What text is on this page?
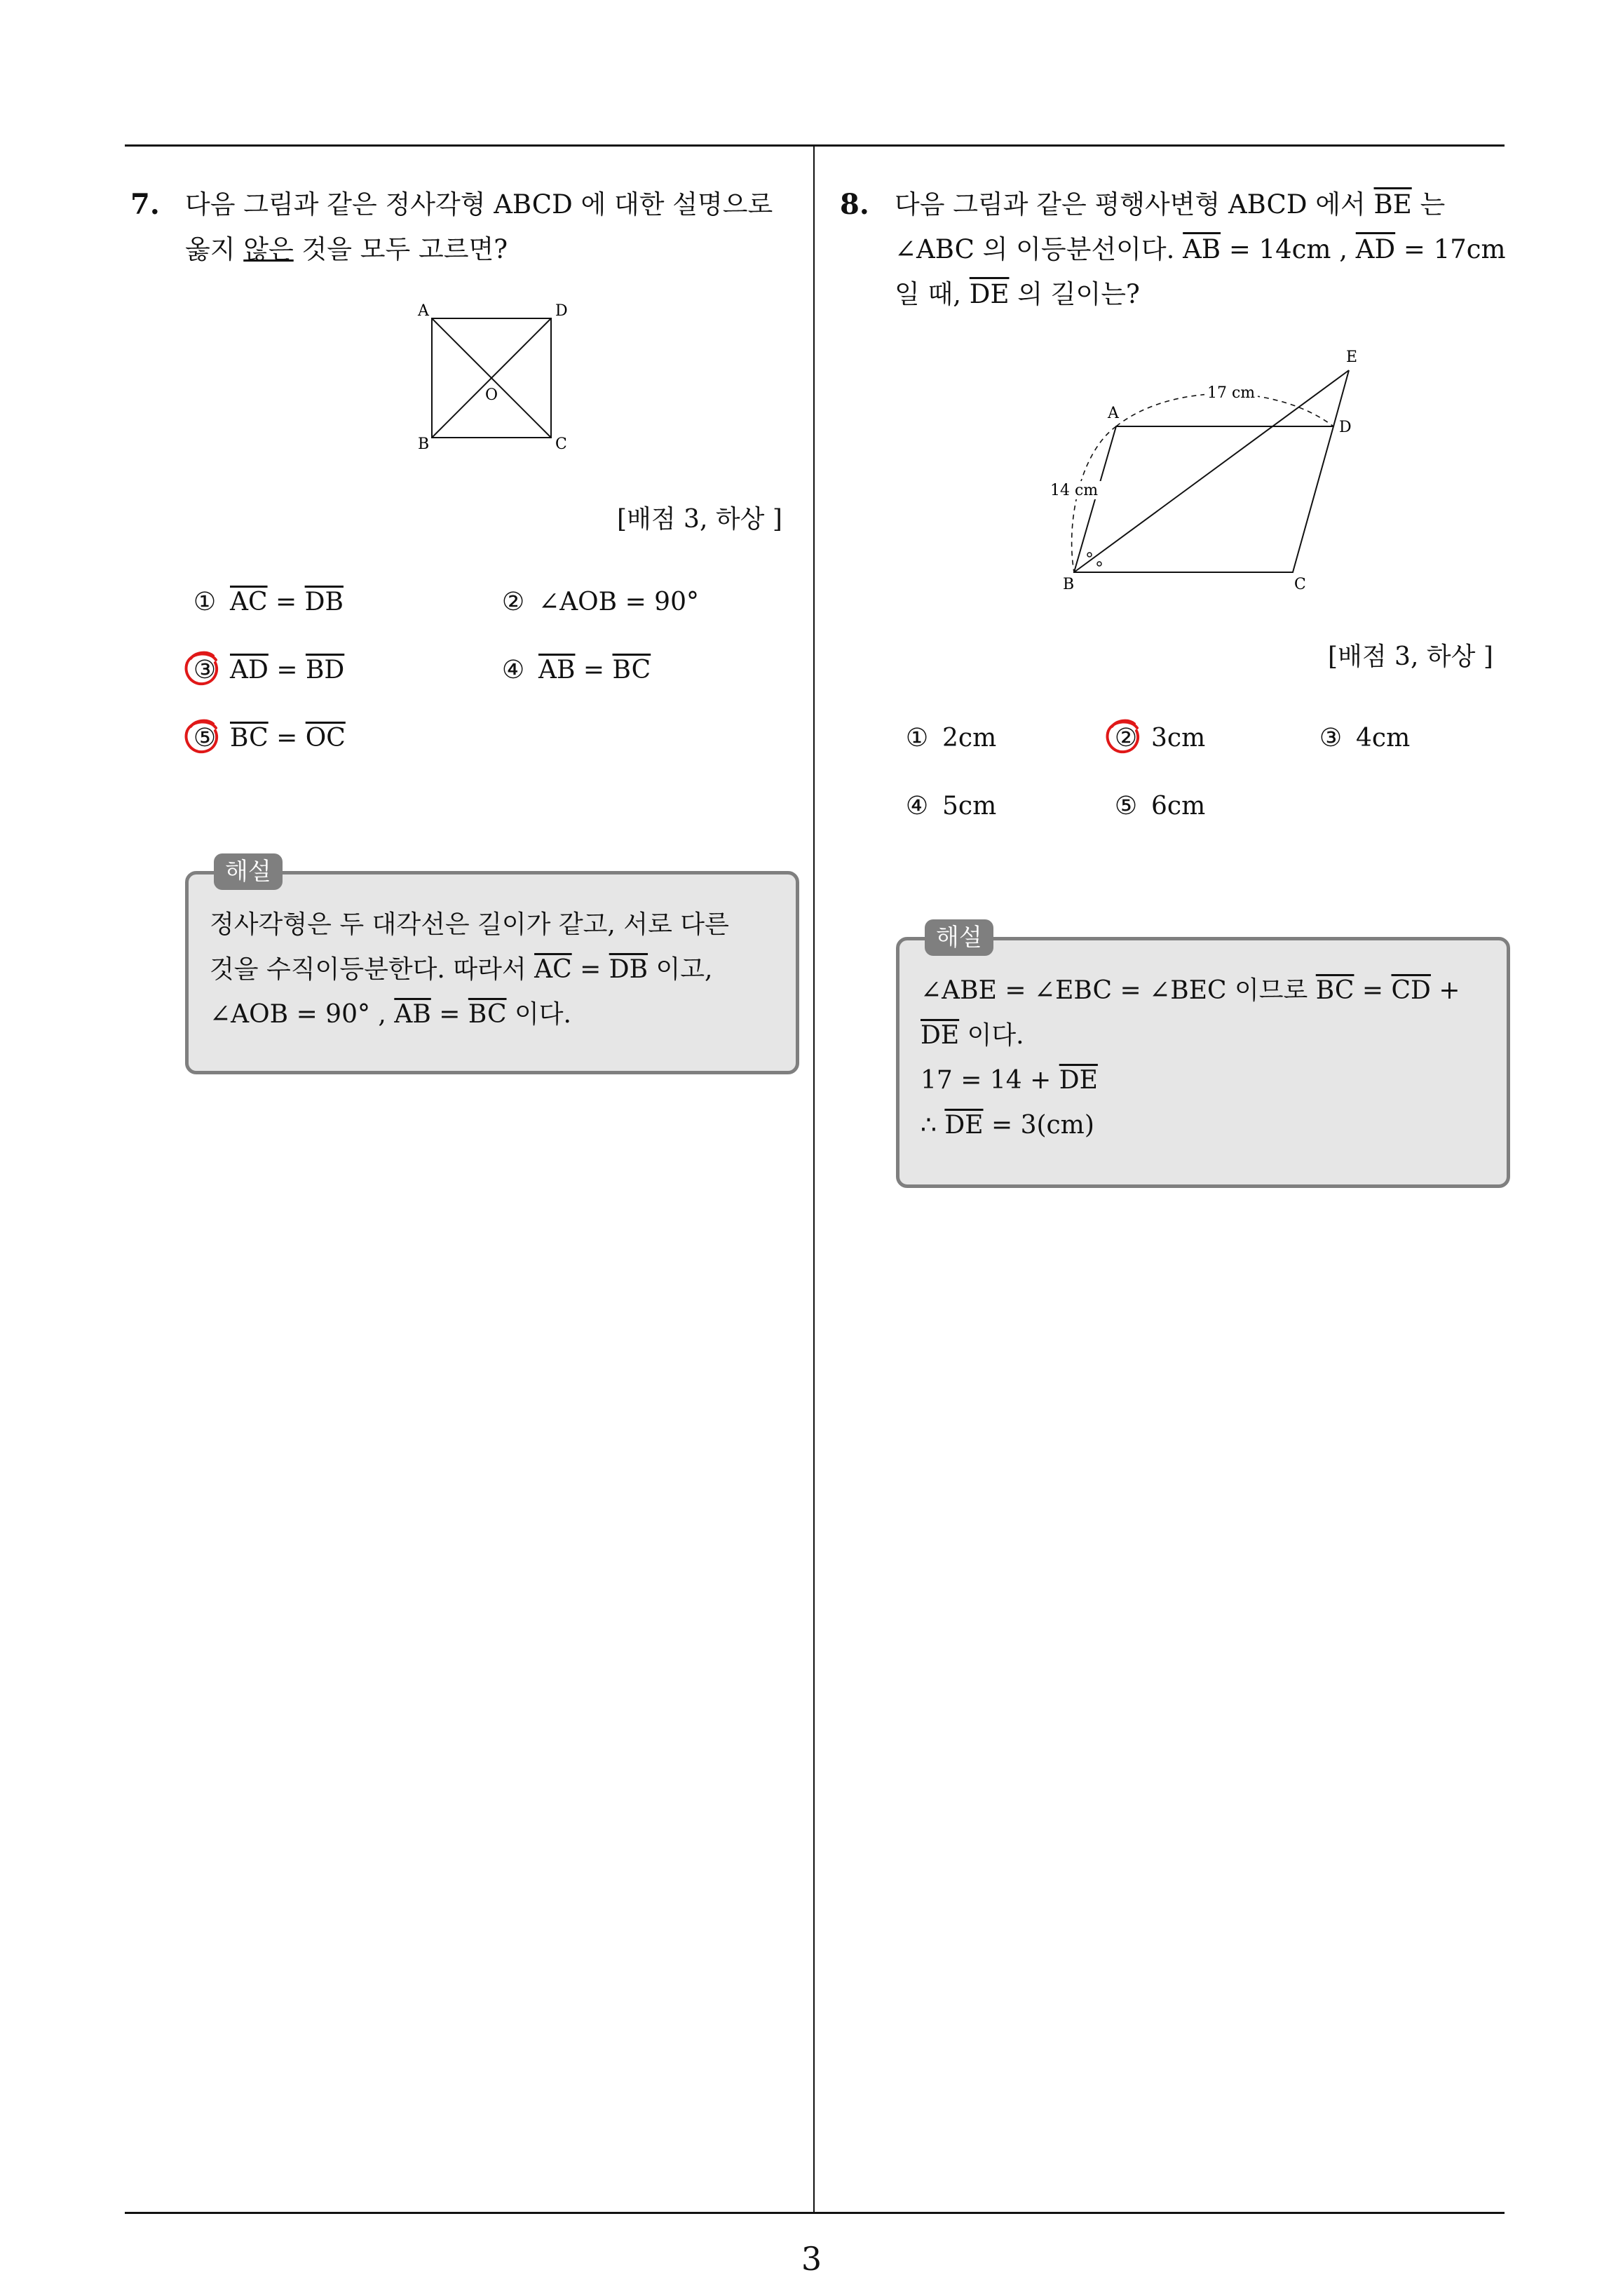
7. 다음 그림과 같은 정사각형 ABCD 에 대한 설명으로
옳지 않은 것을 모두 고르면?
A	D
B	C
O
[배점 3, 하상 ]
① $\overline{AC} = \overline{DB}$	② ∠AOB = 90°
③ $\overline{AD} = \overline{BD}$	④ $\overline{AB} = \overline{BC}$
⑤ $\overline{BC} = \overline{OC}$
해설
정사각형은 두 대각선은 길이가 같고, 서로 다른
것을 수직이등분한다. 따라서 $\overline{AC} = \overline{DB}$ 이고,
∠AOB = 90° , $\overline{AB} = \overline{BC}$ 이다.
8. 다음 그림과 같은 평행사변형 ABCD 에서 $\overline{BE}$ 는
∠ABC 의 이등분선이다. $\overline{AB} = 14cm$ , $\overline{AD} = 17cm$
일 때, $\overline{DE}$ 의 길이는?
17 cm
14 cm
A
D
E
B	C
[배점 3, 하상 ]
① 2cm	② 3cm	③ 4cm
④ 5cm	⑤ 6cm
해설
∠ABE = ∠EBC = ∠BEC 이므로 $\overline{BC} = \overline{CD}$ +
$\overline{DE}$ 이다.
$17 = 14 + \overline{DE}$
∴ $\overline{DE} = 3(cm)$
3
